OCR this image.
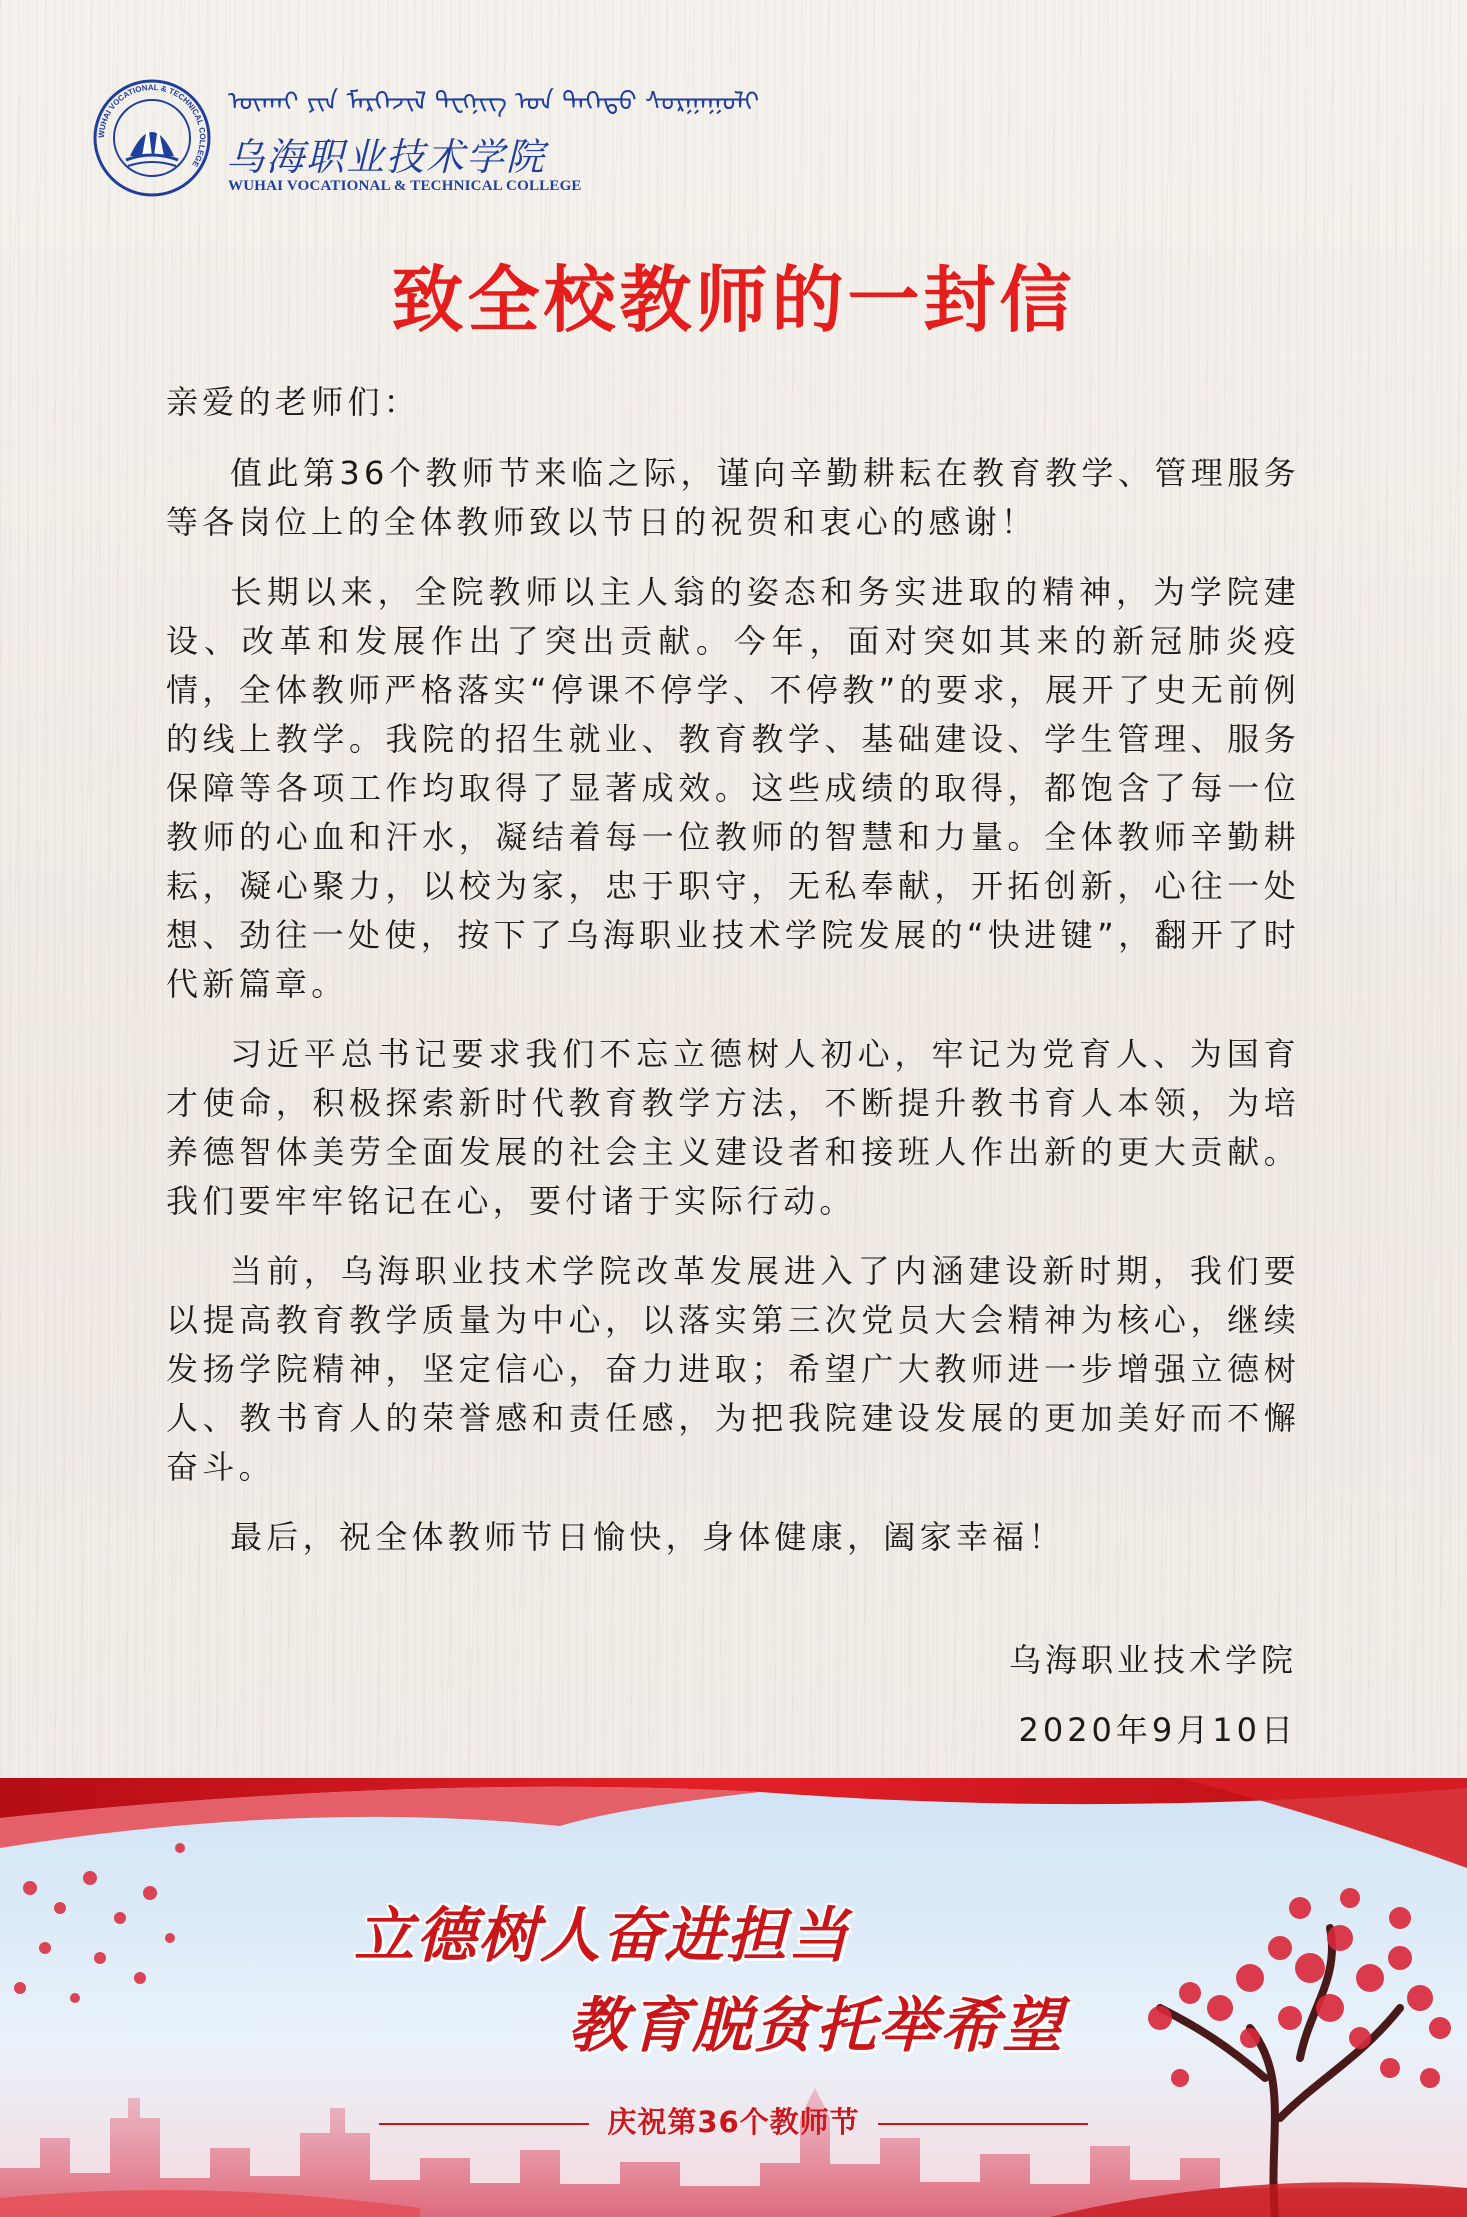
WUHAI VOCATIONAL & TECHNICAL COLLEGE
ᠦᠬᠠᠢ ᠶᠢᠨ ᠮᠡᠷᠭᠡᠵᠢᠯ ᠲᠧᠬᠨᠢᠭ ᠤᠨ ᠳᠡᠭᠡᠳᠦ ᠰᠤᠷᠭᠠᠭᠤᠯᠢ
乌海职业技术学院
WUHAI VOCATIONAL & TECHNICAL COLLEGE
致全校教师的一封信

亲爱的老师们：

值此第36个教师节来临之际，谨向辛勤耕耘在教育教学、管理服务等各岗位上的全体教师致以节日的祝贺和衷心的感谢！

长期以来，全院教师以主人翁的姿态和务实进取的精神，为学院建设、改革和发展作出了突出贡献。今年，面对突如其来的新冠肺炎疫情，全体教师严格落实“停课不停学、不停教”的要求，展开了史无前例的线上教学。我院的招生就业、教育教学、基础建设、学生管理、服务保障等各项工作均取得了显著成效。这些成绩的取得，都饱含了每一位教师的心血和汗水，凝结着每一位教师的智慧和力量。全体教师辛勤耕耘，凝心聚力，以校为家，忠于职守，无私奉献，开拓创新，心往一处想、劲往一处使，按下了乌海职业技术学院发展的“快进键”，翻开了时代新篇章。

习近平总书记要求我们不忘立德树人初心，牢记为党育人、为国育才使命，积极探索新时代教育教学方法，不断提升教书育人本领，为培养德智体美劳全面发展的社会主义建设者和接班人作出新的更大贡献。我们要牢牢铭记在心，要付诸于实际行动。

当前，乌海职业技术学院改革发展进入了内涵建设新时期，我们要以提高教育教学质量为中心，以落实第三次党员大会精神为核心，继续发扬学院精神，坚定信心，奋力进取；希望广大教师进一步增强立德树人、教书育人的荣誉感和责任感，为把我院建设发展的更加美好而不懈奋斗。

最后，祝全体教师节日愉快，身体健康，阖家幸福！

乌海职业技术学院
2020年9月10日
立德树人奋进担当
教育脱贫托举希望
庆祝第36个教师节
